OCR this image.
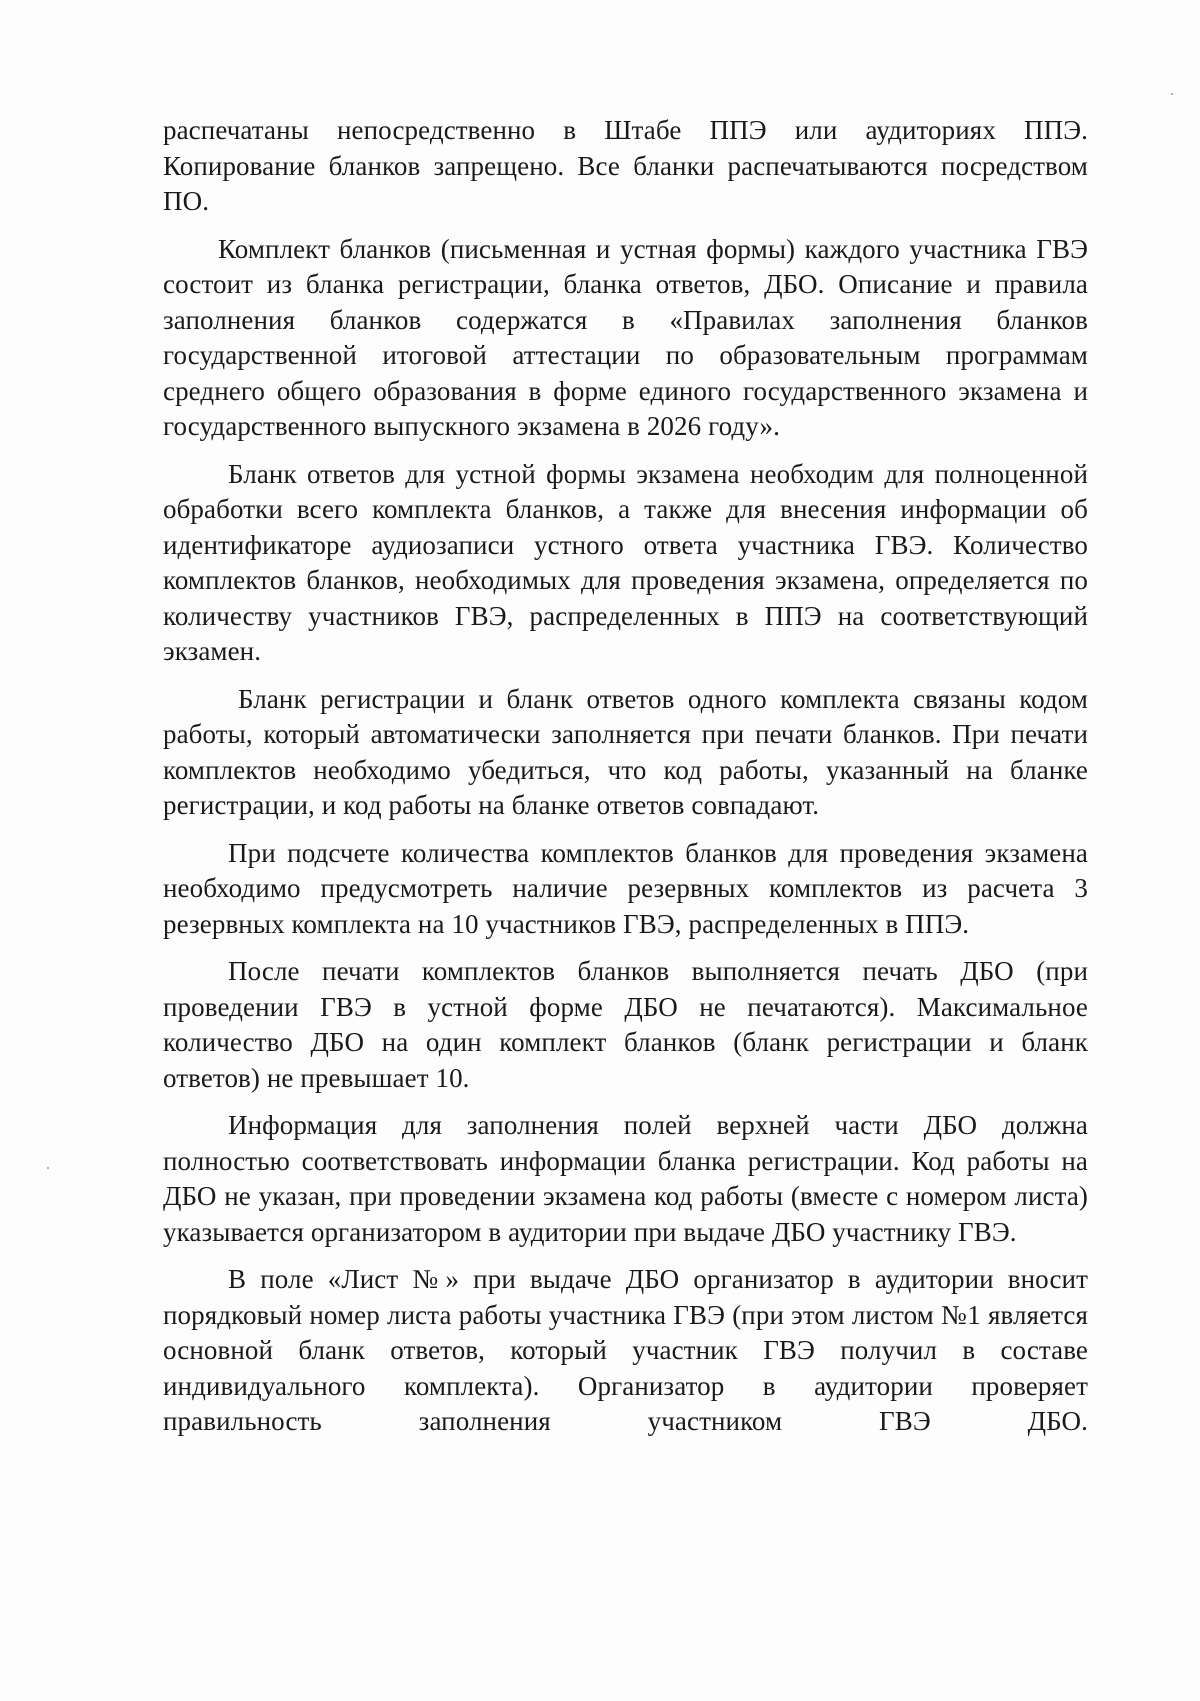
распечатаны непосредственно в Штабе ППЭ или аудиториях ППЭ. Копирование бланков запрещено. Все бланки распечатываются посредством ПО.

Комплект бланков (письменная и устная формы) каждого участника ГВЭ состоит из бланка регистрации, бланка ответов, ДБО. Описание и правила заполнения бланков содержатся в «Правилах заполнения бланков государственной итоговой аттестации по образовательным программам среднего общего образования в форме единого государственного экзамена и государственного выпускного экзамена в 2026 году».

Бланк ответов для устной формы экзамена необходим для полноценной обработки всего комплекта бланков, а также для внесения информации об идентификаторе аудиозаписи устного ответа участника ГВЭ. Количество комплектов бланков, необходимых для проведения экзамена, определяется по количеству участников ГВЭ, распределенных в ППЭ на соответствующий экзамен.

Бланк регистрации и бланк ответов одного комплекта связаны кодом работы, который автоматически заполняется при печати бланков. При печати комплектов необходимо убедиться, что код работы, указанный на бланке регистрации, и код работы на бланке ответов совпадают.

При подсчете количества комплектов бланков для проведения экзамена необходимо предусмотреть наличие резервных комплектов из расчета 3 резервных комплекта на 10 участников ГВЭ, распределенных в ППЭ.

После печати комплектов бланков выполняется печать ДБО (при проведении ГВЭ в устной форме ДБО не печатаются). Максимальное количество ДБО на один комплект бланков (бланк регистрации и бланк ответов) не превышает 10.

Информация для заполнения полей верхней части ДБО должна полностью соответствовать информации бланка регистрации. Код работы на ДБО не указан, при проведении экзамена код работы (вместе с номером листа) указывается организатором в аудитории при выдаче ДБО участнику ГВЭ.

В поле «Лист №» при выдаче ДБО организатор в аудитории вносит порядковый номер листа работы участника ГВЭ (при этом листом №1 является основной бланк ответов, который участник ГВЭ получил в составе индивидуального комплекта). Организатор в аудитории проверяет правильность заполнения участником ГВЭ ДБО.
